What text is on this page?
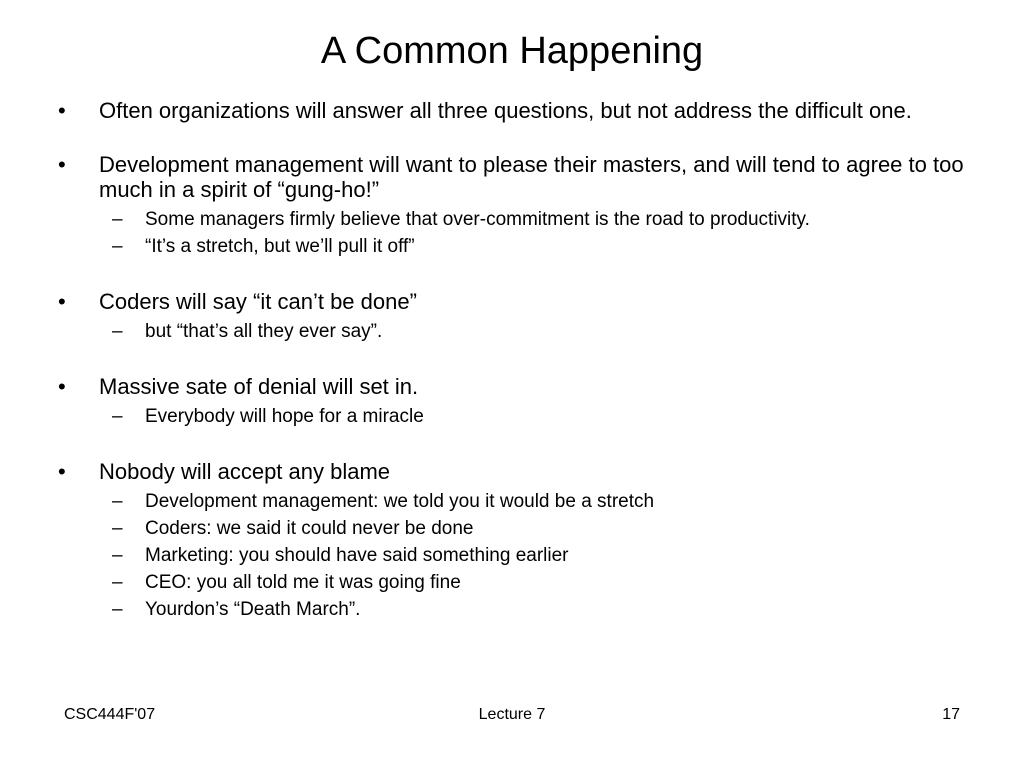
A Common Happening
•	Often organizations will answer all three questions, but not address the difficult one.
•	Development management will want to please their masters, and will tend to agree to too much in a spirit of “gung-ho!”
– Some managers firmly believe that over-commitment is the road to productivity.
– “It’s a stretch, but we’ll pull it off”
•	Coders will say “it can’t be done”
– but “that’s all they ever say”.
•	Massive sate of denial will set in.
– Everybody will hope for a miracle
•	Nobody will accept any blame
– Development management: we told you it would be a stretch
– Coders: we said it could never be done
– Marketing: you should have said something earlier
– CEO: you all told me it was going fine
– Yourdon’s “Death March”.
CSC444F'07	Lecture 7	17
